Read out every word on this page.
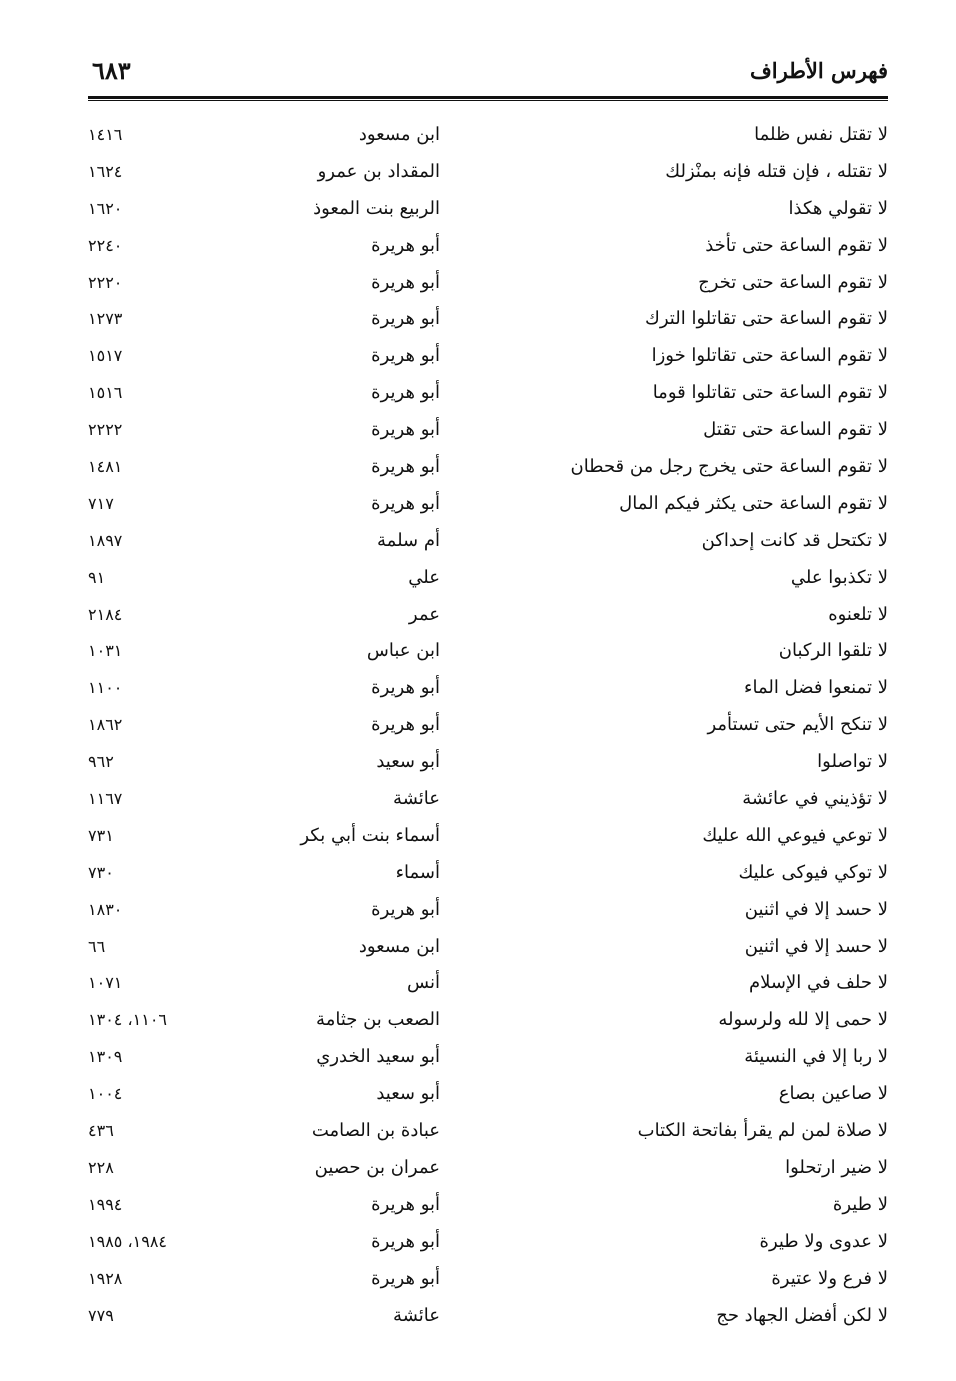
فهرس الأطراف
٦٨٣
لا تقتل نفس ظلما
ابن مسعود
١٤١٦
لا تقتله ، فإن قتله فإنه بمنْزلك
المقداد بن عمرو
١٦٢٤
لا تقولي هكذا
الربيع بنت المعوذ
١٦٢٠
لا تقوم الساعة حتى تأخذ
أبو هريرة
٢٢٤٠
لا تقوم الساعة حتى تخرج
أبو هريرة
٢٢٢٠
لا تقوم الساعة حتى تقاتلوا الترك
أبو هريرة
١٢٧٣
لا تقوم الساعة حتى تقاتلوا خوزا
أبو هريرة
١٥١٧
لا تقوم الساعة حتى تقاتلوا قوما
أبو هريرة
١٥١٦
لا تقوم الساعة حتى تقتل
أبو هريرة
٢٢٢٢
لا تقوم الساعة حتى يخرج رجل من قحطان
أبو هريرة
١٤٨١
لا تقوم الساعة حتى يكثر فيكم المال
أبو هريرة
٧١٧
لا تكتحل قد كانت إحداكن
أم سلمة
١٨٩٧
لا تكذبوا علي
علي
٩١
لا تلعنوه
عمر
٢١٨٤
لا تلقوا الركبان
ابن عباس
١٠٣١
لا تمنعوا فضل الماء
أبو هريرة
١١٠٠
لا تنكح الأيم حتى تستأمر
أبو هريرة
١٨٦٢
لا تواصلوا
أبو سعيد
٩٦٢
لا تؤذيني في عائشة
عائشة
١١٦٧
لا توعي فيوعي الله عليك
أسماء بنت أبي بكر
٧٣١
لا توكي فيوكى عليك
أسماء
٧٣٠
لا حسد إلا في اثنين
أبو هريرة
١٨٣٠
لا حسد إلا في اثنين
ابن مسعود
٦٦
لا حلف في الإسلام
أنس
١٠٧١
لا حمى إلا لله ولرسوله
الصعب بن جثامة
١١٠٦، ١٣٠٤
لا ربا إلا في النسيئة
أبو سعيد الخدري
١٣٠٩
لا صاعين بصاع
أبو سعيد
١٠٠٤
لا صلاة لمن لم يقرأ بفاتحة الكتاب
عبادة بن الصامت
٤٣٦
لا ضير ارتحلوا
عمران بن حصين
٢٢٨
لا طيرة
أبو هريرة
١٩٩٤
لا عدوى ولا طيرة
أبو هريرة
١٩٨٤، ١٩٨٥
لا فرع ولا عتيرة
أبو هريرة
١٩٢٨
لا لكن أفضل الجهاد حج
عائشة
٧٧٩
